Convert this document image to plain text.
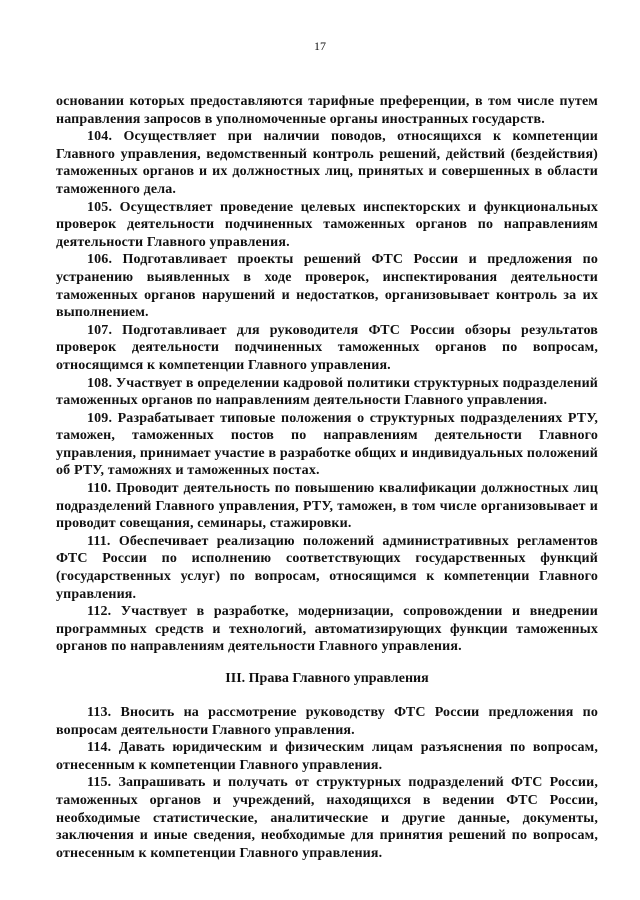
17

основании которых предоставляются тарифные преференции, в том числе путем направления запросов в уполномоченные органы иностранных государств.

104. Осуществляет при наличии поводов, относящихся к компетенции Главного управления, ведомственный контроль решений, действий (бездействия) таможенных органов и их должностных лиц, принятых и совершенных в области таможенного дела.

105. Осуществляет проведение целевых инспекторских и функциональных проверок деятельности подчиненных таможенных органов по направлениям деятельности Главного управления.

106. Подготавливает проекты решений ФТС России и предложения по устранению выявленных в ходе проверок, инспектирования деятельности таможенных органов нарушений и недостатков, организовывает контроль за их выполнением.

107. Подготавливает для руководителя ФТС России обзоры результатов проверок деятельности подчиненных таможенных органов по вопросам, относящимся к компетенции Главного управления.

108. Участвует в определении кадровой политики структурных подразделений таможенных органов по направлениям деятельности Главного управления.

109. Разрабатывает типовые положения о структурных подразделениях РТУ, таможен, таможенных постов по направлениям деятельности Главного управления, принимает участие в разработке общих и индивидуальных положений об РТУ, таможнях и таможенных постах.

110. Проводит деятельность по повышению квалификации должностных лиц подразделений Главного управления, РТУ, таможен, в том числе организовывает и проводит совещания, семинары, стажировки.

111. Обеспечивает реализацию положений административных регламентов ФТС России по исполнению соответствующих государственных функций (государственных услуг) по вопросам, относящимся к компетенции Главного управления.

112. Участвует в разработке, модернизации, сопровождении и внедрении программных средств и технологий, автоматизирующих функции таможенных органов по направлениям деятельности Главного управления.

III. Права Главного управления

113. Вносить на рассмотрение руководству ФТС России предложения по вопросам деятельности Главного управления.

114. Давать юридическим и физическим лицам разъяснения по вопросам, отнесенным к компетенции Главного управления.

115. Запрашивать и получать от структурных подразделений ФТС России, таможенных органов и учреждений, находящихся в ведении ФТС России, необходимые статистические, аналитические и другие данные, документы, заключения и иные сведения, необходимые для принятия решений по вопросам, отнесенным к компетенции Главного управления.
